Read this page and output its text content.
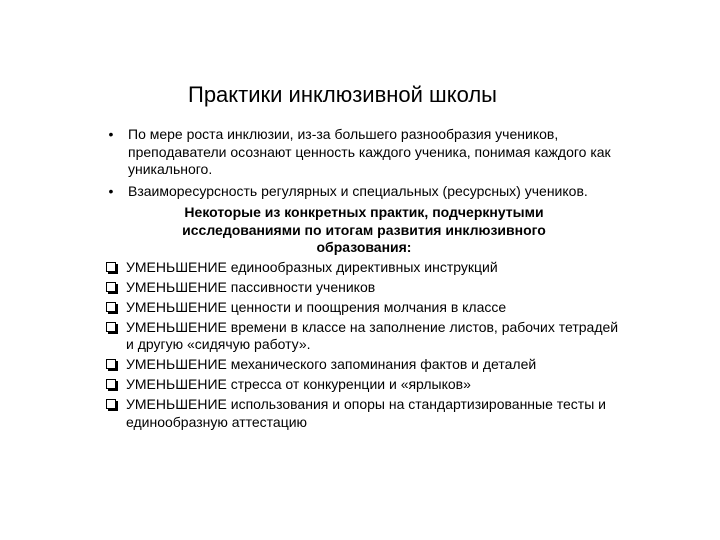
Практики инклюзивной школы
•	По мере роста инклюзии, из-за большего разнообразия учеников, преподаватели осознают ценность каждого ученика, понимая каждого как уникального.
•	Взаиморесурсность регулярных и специальных (ресурсных) учеников.
Некоторые из конкретных практик, подчеркнутыми исследованиями по итогам развития инклюзивного образования:
УМЕНЬШЕНИЕ единообразных директивных инструкций
УМЕНЬШЕНИЕ пассивности учеников
УМЕНЬШЕНИЕ ценности и поощрения молчания в классе
УМЕНЬШЕНИЕ времени в классе на заполнение листов, рабочих тетрадей и другую «сидячую работу».
УМЕНЬШЕНИЕ механического запоминания фактов и деталей
УМЕНЬШЕНИЕ стресса от конкуренции и «ярлыков»
УМЕНЬШЕНИЕ использования и опоры на стандартизированные тесты и единообразную аттестацию
